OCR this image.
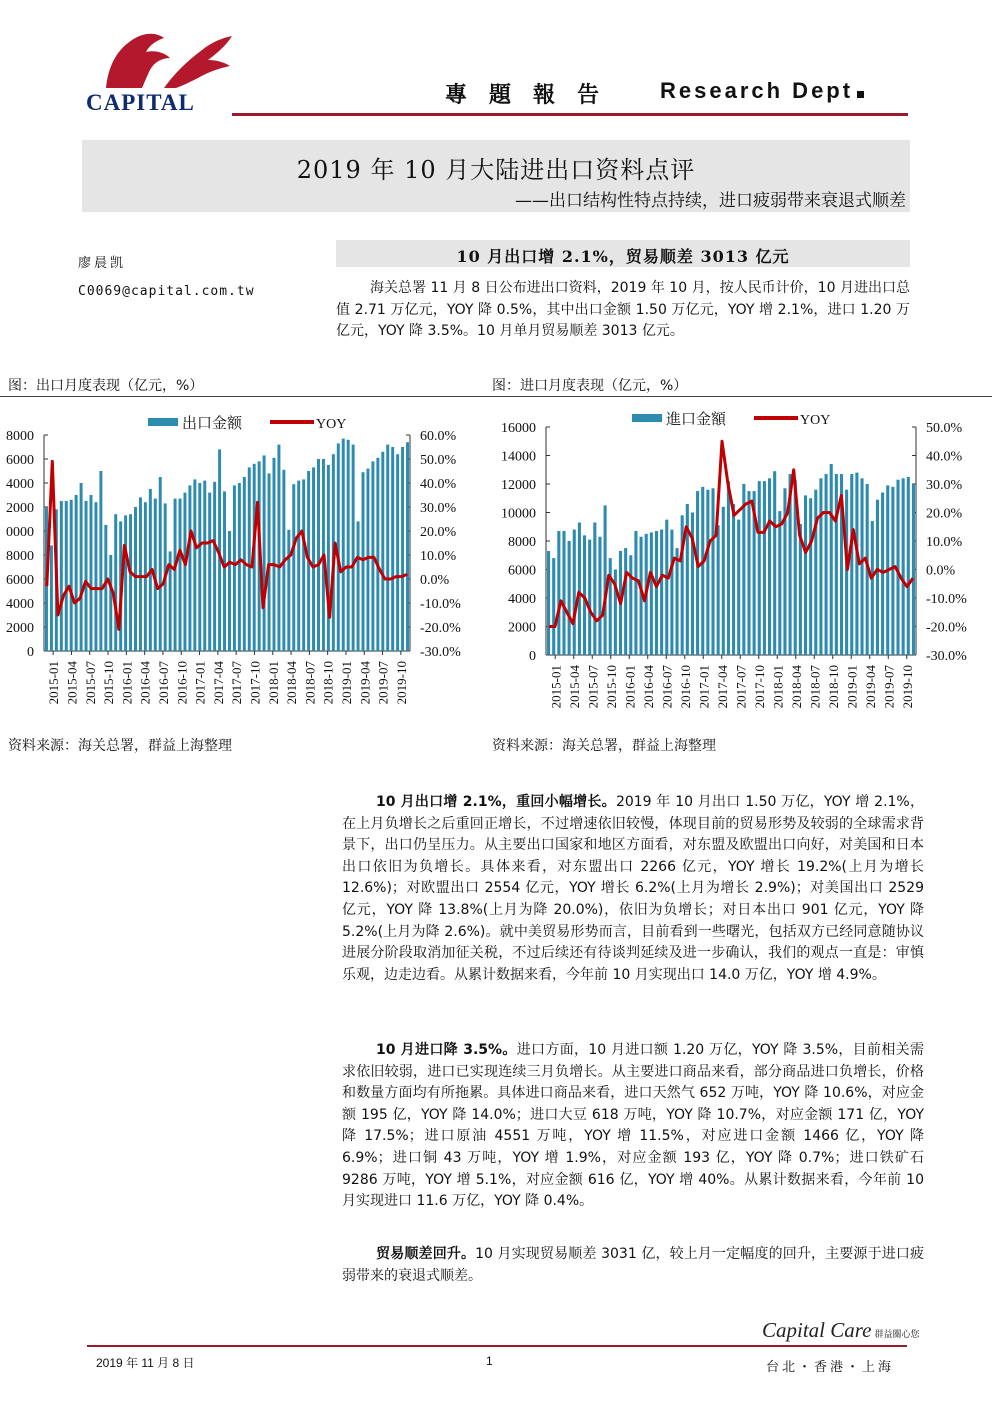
CAPITAL	專題報告 Research Dept
2019 年 10 月大陆进出口资料点评
——出口结构性特点持续，进口疲弱带来衰退式顺差
廖晨凯
C0069@capital.com.tw
10 月出口增 2.1%，贸易顺差 3013 亿元
海关总署 11 月 8 日公布进出口资料，2019 年 10 月，按人民币计价，10 月进出口总值 2.71 万亿元，YOY 降 0.5%，其中出口金额 1.50 万亿元，YOY 增 2.1%，进口 1.20 万亿元，YOY 降 3.5%。10 月单月贸易顺差 3013 亿元。
图：出口月度表现（亿元，%）	图：进口月度表现（亿元，%）
8000
6000
4000
2000
0000
8000
6000
4000
2000
0
60.0%
50.0%
40.0%
30.0%
20.0%
10.0%
0.0%
-10.0%
-20.0%
-30.0%
2015-01 2015-04 2015-07 2015-10 2016-01 2016-04 2016-07 2016-10 2017-01 2017-04 2017-07 2017-10 2018-01 2018-04 2018-07 2018-10 2019-01 2019-04 2019-07 2019-10
出口金额	YOY	16000
14000
12000
10000
8000
6000
4000
2000
0
50.0%
40.0%
30.0%
20.0%
10.0%
0.0%
-10.0%
-20.0%
-30.0%
2015-01 2015-04 2015-07 2015-10 2016-01 2016-04 2016-07 2016-10 2017-01 2017-04 2017-07 2017-10 2018-01 2018-04 2018-07 2018-10 2019-01 2019-04 2019-07 2019-10
進口金額	YOY
资料来源：海关总署，群益上海整理	资料来源：海关总署，群益上海整理
10 月出口增 2.1%，重回小幅增长。2019 年 10 月出口 1.50 万亿，YOY 增 2.1%，在上月负增长之后重回正增长，不过增速依旧较慢，体现目前的贸易形势及较弱的全球需求背景下，出口仍呈压力。从主要出口国家和地区方面看，对东盟及欧盟出口向好，对美国和日本出口依旧为负增长。具体来看，对东盟出口 2266 亿元，YOY 增长 19.2%(上月为增长 12.6%)；对欧盟出口 2554 亿元，YOY 增长 6.2%(上月为增长 2.9%)；对美国出口 2529 亿元，YOY 降 13.8%(上月为降 20.0%)，依旧为负增长；对日本出口 901 亿元，YOY 降 5.2%(上月为降 2.6%)。就中美贸易形势而言，目前看到一些曙光，包括双方已经同意随协议进展分阶段取消加征关税，不过后续还有待谈判延续及进一步确认，我们的观点一直是：审慎乐观，边走边看。从累计数据来看，今年前 10 月实现出口 14.0 万亿，YOY 增 4.9%。
10 月进口降 3.5%。进口方面，10 月进口额 1.20 万亿，YOY 降 3.5%，目前相关需求依旧较弱，进口已实现连续三月负增长。从主要进口商品来看，部分商品进口负增长，价格和数量方面均有所拖累。具体进口商品来看，进口天然气 652 万吨，YOY 降 10.6%，对应金额 195 亿，YOY 降 14.0%；进口大豆 618 万吨，YOY 降 10.7%，对应金额 171 亿，YOY 降 17.5%；进口原油 4551 万吨，YOY 增 11.5%，对应进口金额 1466 亿，YOY 降 6.9%；进口铜 43 万吨，YOY 增 1.9%，对应金额 193 亿，YOY 降 0.7%；进口铁矿石 9286 万吨，YOY 增 5.1%，对应金额 616 亿，YOY 增 40%。从累计数据来看，今年前 10 月实现进口 11.6 万亿，YOY 降 0.4%。
贸易顺差回升。10 月实现贸易顺差 3031 亿，较上月一定幅度的回升，主要源于进口疲弱带来的衰退式顺差。
Capital Care 群益關心您
2019 年 11 月 8 日	1	台北・香港・上海
